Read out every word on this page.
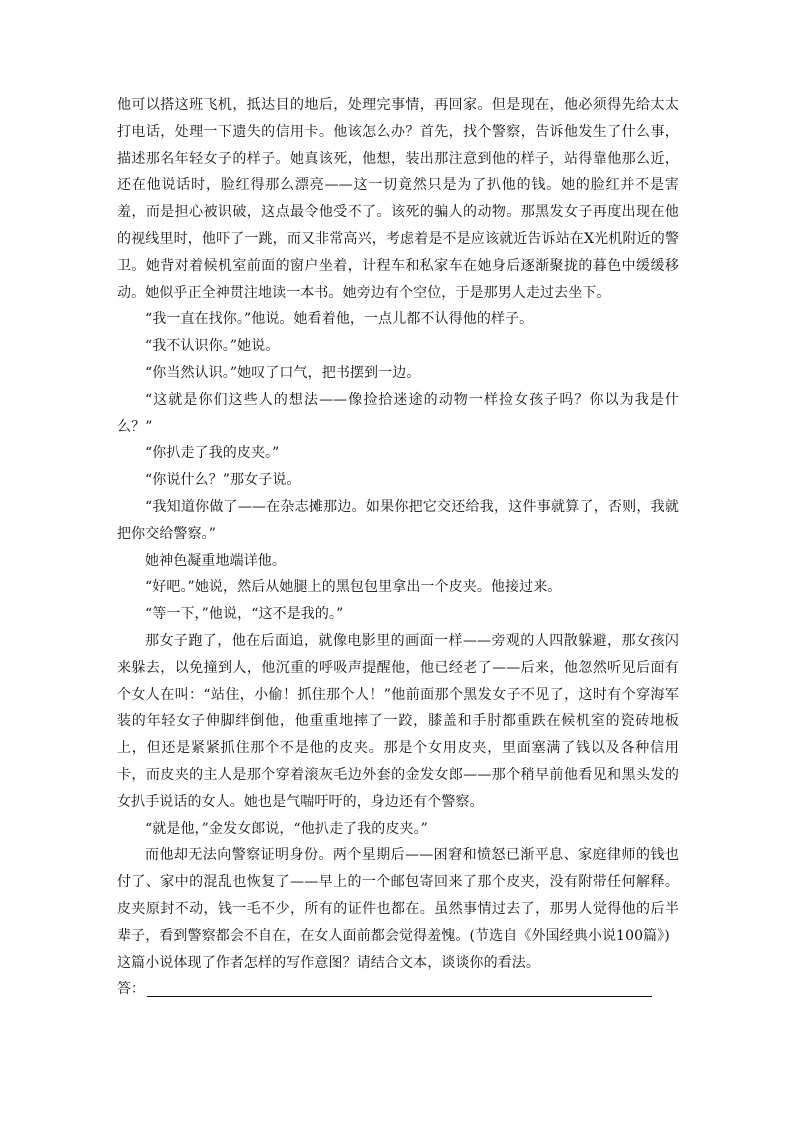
他可以搭这班飞机，抵达目的地后，处理完事情，再回家。但是现在，他必须得先给太太打电话，处理一下遗失的信用卡。他该怎么办？首先，找个警察，告诉他发生了什么事，描述那名年轻女子的样子。她真该死，他想，装出那注意到他的样子，站得靠他那么近，还在他说话时，脸红得那么漂亮——这一切竟然只是为了扒他的钱。她的脸红并不是害羞，而是担心被识破，这点最令他受不了。该死的骗人的动物。那黑发女子再度出现在他的视线里时，他吓了一跳，而又非常高兴，考虑着是不是应该就近告诉站在X光机附近的警卫。她背对着候机室前面的窗户坐着，计程车和私家车在她身后逐渐聚拢的暮色中缓缓移动。她似乎正全神贯注地读一本书。她旁边有个空位，于是那男人走过去坐下。

“我一直在找你。”他说。她看着他，一点儿都不认得他的样子。

“我不认识你。”她说。

“你当然认识。”她叹了口气，把书摆到一边。

“这就是你们这些人的想法——像捡拾迷途的动物一样捡女孩子吗？你以为我是什么？”

“你扒走了我的皮夹。”

“你说什么？”那女子说。

“我知道你做了——在杂志摊那边。如果你把它交还给我，这件事就算了，否则，我就把你交给警察。”

她神色凝重地端详他。

“好吧。”她说，然后从她腿上的黑包包里拿出一个皮夹。他接过来。

“等一下，”他说，“这不是我的。”

那女子跑了，他在后面追，就像电影里的画面一样——旁观的人四散躲避，那女孩闪来躲去，以免撞到人，他沉重的呼吸声提醒他，他已经老了——后来，他忽然听见后面有个女人在叫：“站住，小偷！抓住那个人！”他前面那个黑发女子不见了，这时有个穿海军装的年轻女子伸脚绊倒他，他重重地摔了一跤，膝盖和手肘都重跌在候机室的瓷砖地板上，但还是紧紧抓住那个不是他的皮夹。那是个女用皮夹，里面塞满了钱以及各种信用卡，而皮夹的主人是那个穿着滚灰毛边外套的金发女郎——那个稍早前他看见和黑头发的女扒手说话的女人。她也是气喘吁吁的，身边还有个警察。

“就是他，”金发女郎说，“他扒走了我的皮夹。”

而他却无法向警察证明身份。两个星期后——困窘和愤怒已渐平息、家庭律师的钱也付了、家中的混乱也恢复了——早上的一个邮包寄回来了那个皮夹，没有附带任何解释。皮夹原封不动，钱一毛不少，所有的证件也都在。虽然事情过去了，那男人觉得他的后半辈子，看到警察都会不自在，在女人面前都会觉得羞愧。(节选自《外国经典小说100篇》)

这篇小说体现了作者怎样的写作意图？请结合文本，谈谈你的看法。

答：
